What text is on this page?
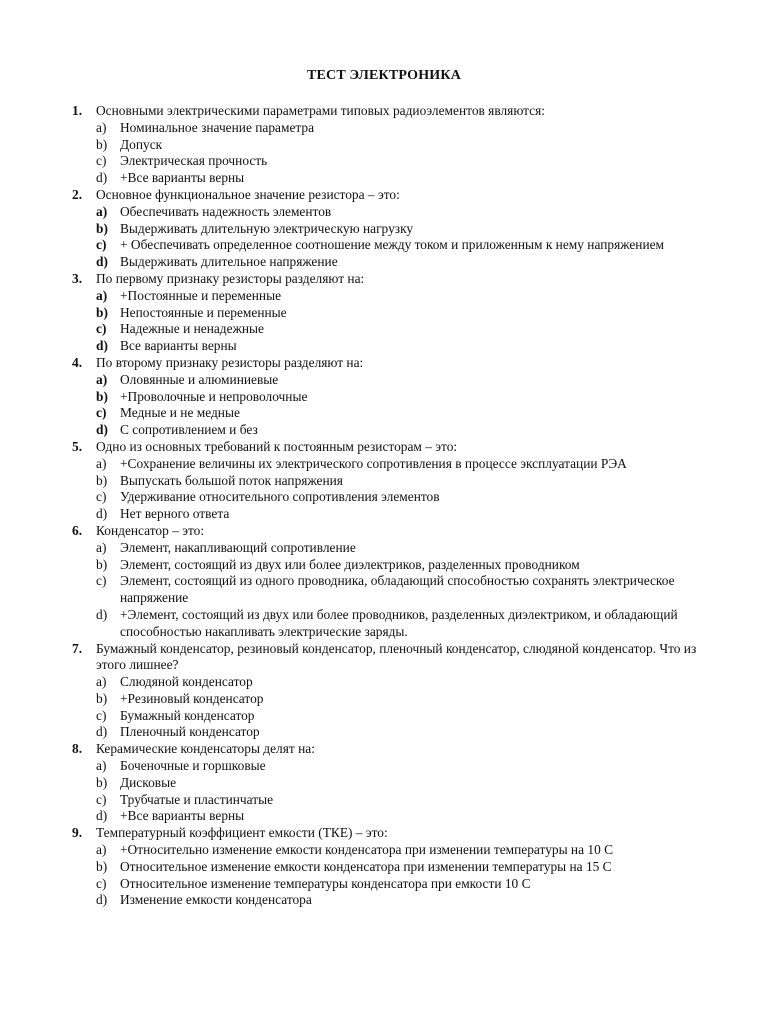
ТЕСТ ЭЛЕКТРОНИКА
1. Основными электрическими параметрами типовых радиоэлементов являются:
a) Номинальное значение параметра
b) Допуск
c) Электрическая прочность
d) +Все варианты верны
2. Основное функциональное значение резистора – это:
a) Обеспечивать надежность элементов
b) Выдерживать длительную электрическую нагрузку
c) + Обеспечивать определенное соотношение между током и приложенным к нему напряжением
d) Выдерживать длительное напряжение
3. По первому признаку резисторы разделяют на:
a) +Постоянные и переменные
b) Непостоянные и переменные
c) Надежные и ненадежные
d) Все варианты верны
4. По второму признаку резисторы разделяют на:
a) Оловянные и алюминиевые
b) +Проволочные и непроволочные
c) Медные и не медные
d) С сопротивлением и без
5. Одно из основных требований к постоянным резисторам – это:
a) +Сохранение величины их электрического сопротивления в процессе эксплуатации РЭА
b) Выпускать большой поток напряжения
c) Удерживание относительного сопротивления элементов
d) Нет верного ответа
6. Конденсатор – это:
a) Элемент, накапливающий сопротивление
b) Элемент, состоящий из двух или более диэлектриков, разделенных проводником
c) Элемент, состоящий из одного проводника, обладающий способностью сохранять электрическое напряжение
d) +Элемент, состоящий из двух или более проводников, разделенных диэлектриком, и обладающий способностью накапливать электрические заряды.
7. Бумажный конденсатор, резиновый конденсатор, пленочный конденсатор, слюдяной конденсатор. Что из этого лишнее?
a) Слюдяной конденсатор
b) +Резиновый конденсатор
c) Бумажный конденсатор
d) Пленочный конденсатор
8. Керамические конденсаторы делят на:
a) Боченочные и горшковые
b) Дисковые
c) Трубчатые и пластинчатые
d) +Все варианты верны
9. Температурный коэффициент емкости (ТКЕ) – это:
a) +Относительно изменение емкости конденсатора при изменении температуры на 10 С
b) Относительное изменение емкости конденсатора при изменении температуры на 15 С
c) Относительное изменение температуры конденсатора при емкости 10 С
d) Изменение емкости конденсатора
